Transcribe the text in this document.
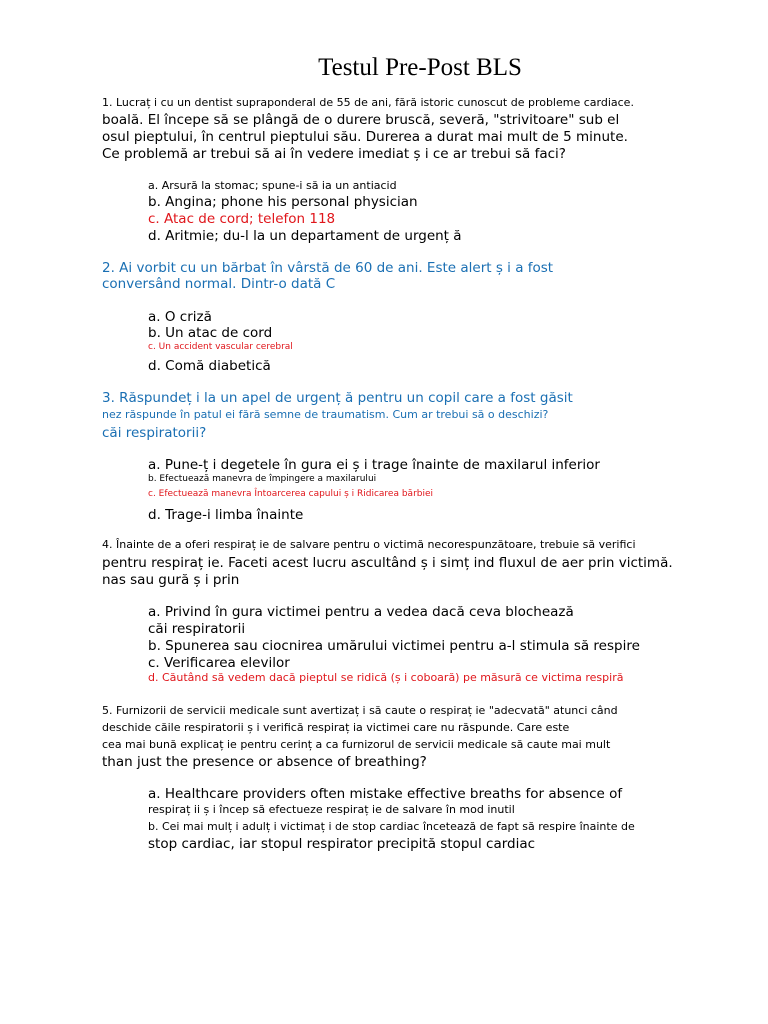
Testul Pre-Post BLS
1. Lucraț i cu un dentist supraponderal de 55 de ani, fără istoric cunoscut de probleme cardiace.
boală. El începe să se plângă de o durere bruscă, severă, "strivitoare" sub el
osul pieptului, în centrul pieptului său. Durerea a durat mai mult de 5 minute.
Ce problemă ar trebui să ai în vedere imediat ș i ce ar trebui să faci?
a. Arsură la stomac; spune-i să ia un antiacid
b. Angina; phone his personal physician
c. Atac de cord; telefon 118
d. Aritmie; du-l la un departament de urgenț ă
2. Ai vorbit cu un bărbat în vârstă de 60 de ani. Este alert ș i a fost
conversând normal. Dintr-o dată C
a. O criză
b. Un atac de cord
c. Un accident vascular cerebral
d. Comă diabetică
3. Răspundeț i la un apel de urgenț ă pentru un copil care a fost găsit
nez răspunde în patul ei fără semne de traumatism. Cum ar trebui să o deschizi?
căi respiratorii?
a. Pune-ț i degetele în gura ei ș i trage înainte de maxilarul inferior
b. Efectuează manevra de împingere a maxilarului
c. Efectuează manevra Întoarcerea capului ș i Ridicarea bărbiei
d. Trage-i limba înainte
4. Înainte de a oferi respiraț ie de salvare pentru o victimă necorespunzătoare, trebuie să verifici
pentru respiraț ie. Faceti acest lucru ascultând ș i simț ind fluxul de aer prin victimă.
nas sau gură ș i prin
a. Privind în gura victimei pentru a vedea dacă ceva blochează
căi respiratorii
b. Spunerea sau ciocnirea umărului victimei pentru a-l stimula să respire
c. Verificarea elevilor
d. Căutând să vedem dacă pieptul se ridică (ș i coboară) pe măsură ce victima respiră
5. Furnizorii de servicii medicale sunt avertizaț i să caute o respiraț ie "adecvată" atunci când
deschide căile respiratorii ș i verifică respiraț ia victimei care nu răspunde. Care este
cea mai bună explicaț ie pentru cerinț a ca furnizorul de servicii medicale să caute mai mult
than just the presence or absence of breathing?
a. Healthcare providers often mistake effective breaths for absence of
respiraț ii ș i încep să efectueze respiraț ie de salvare în mod inutil
b. Cei mai mulț i adulț i victimaț i de stop cardiac încetează de fapt să respire înainte de
stop cardiac, iar stopul respirator precipită stopul cardiac
